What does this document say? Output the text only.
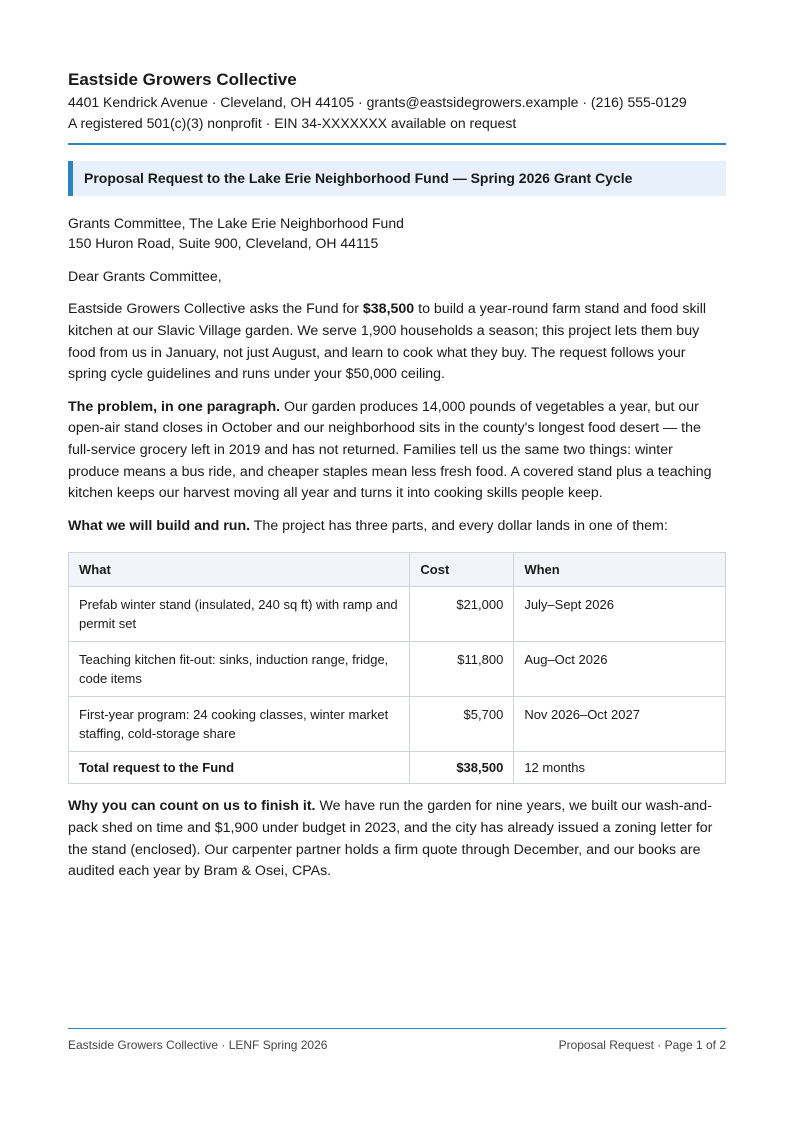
Eastside Growers Collective
4401 Kendrick Avenue · Cleveland, OH 44105 · grants@eastsidegrowers.example · (216) 555-0129
A registered 501(c)(3) nonprofit · EIN 34-XXXXXXX available on request
Proposal Request to the Lake Erie Neighborhood Fund — Spring 2026 Grant Cycle
Grants Committee, The Lake Erie Neighborhood Fund
150 Huron Road, Suite 900, Cleveland, OH 44115

Dear Grants Committee,

Eastside Growers Collective asks the Fund for $38,500 to build a year-round farm stand and food skill kitchen at our Slavic Village garden. We serve 1,900 households a season; this project lets them buy food from us in January, not just August, and learn to cook what they buy. The request follows your spring cycle guidelines and runs under your $50,000 ceiling.

The problem, in one paragraph. Our garden produces 14,000 pounds of vegetables a year, but our open-air stand closes in October and our neighborhood sits in the county's longest food desert — the full-service grocery left in 2019 and has not returned. Families tell us the same two things: winter produce means a bus ride, and cheaper staples mean less fresh food. A covered stand plus a teaching kitchen keeps our harvest moving all year and turns it into cooking skills people keep.

What we will build and run. The project has three parts, and every dollar lands in one of them:

What	Cost	When
Prefab winter stand (insulated, 240 sq ft) with ramp and permit set	$21,000	July–Sept 2026
Teaching kitchen fit-out: sinks, induction range, fridge, code items	$11,800	Aug–Oct 2026
First-year program: 24 cooking classes, winter market staffing, cold-storage share	$5,700	Nov 2026–Oct 2027
Total request to the Fund	$38,500	12 months

Why you can count on us to finish it. We have run the garden for nine years, we built our wash-and-pack shed on time and $1,900 under budget in 2023, and the city has already issued a zoning letter for the stand (enclosed). Our carpenter partner holds a firm quote through December, and our books are audited each year by Bram & Osei, CPAs.

Eastside Growers Collective · LENF Spring 2026	Proposal Request · Page 1 of 2
